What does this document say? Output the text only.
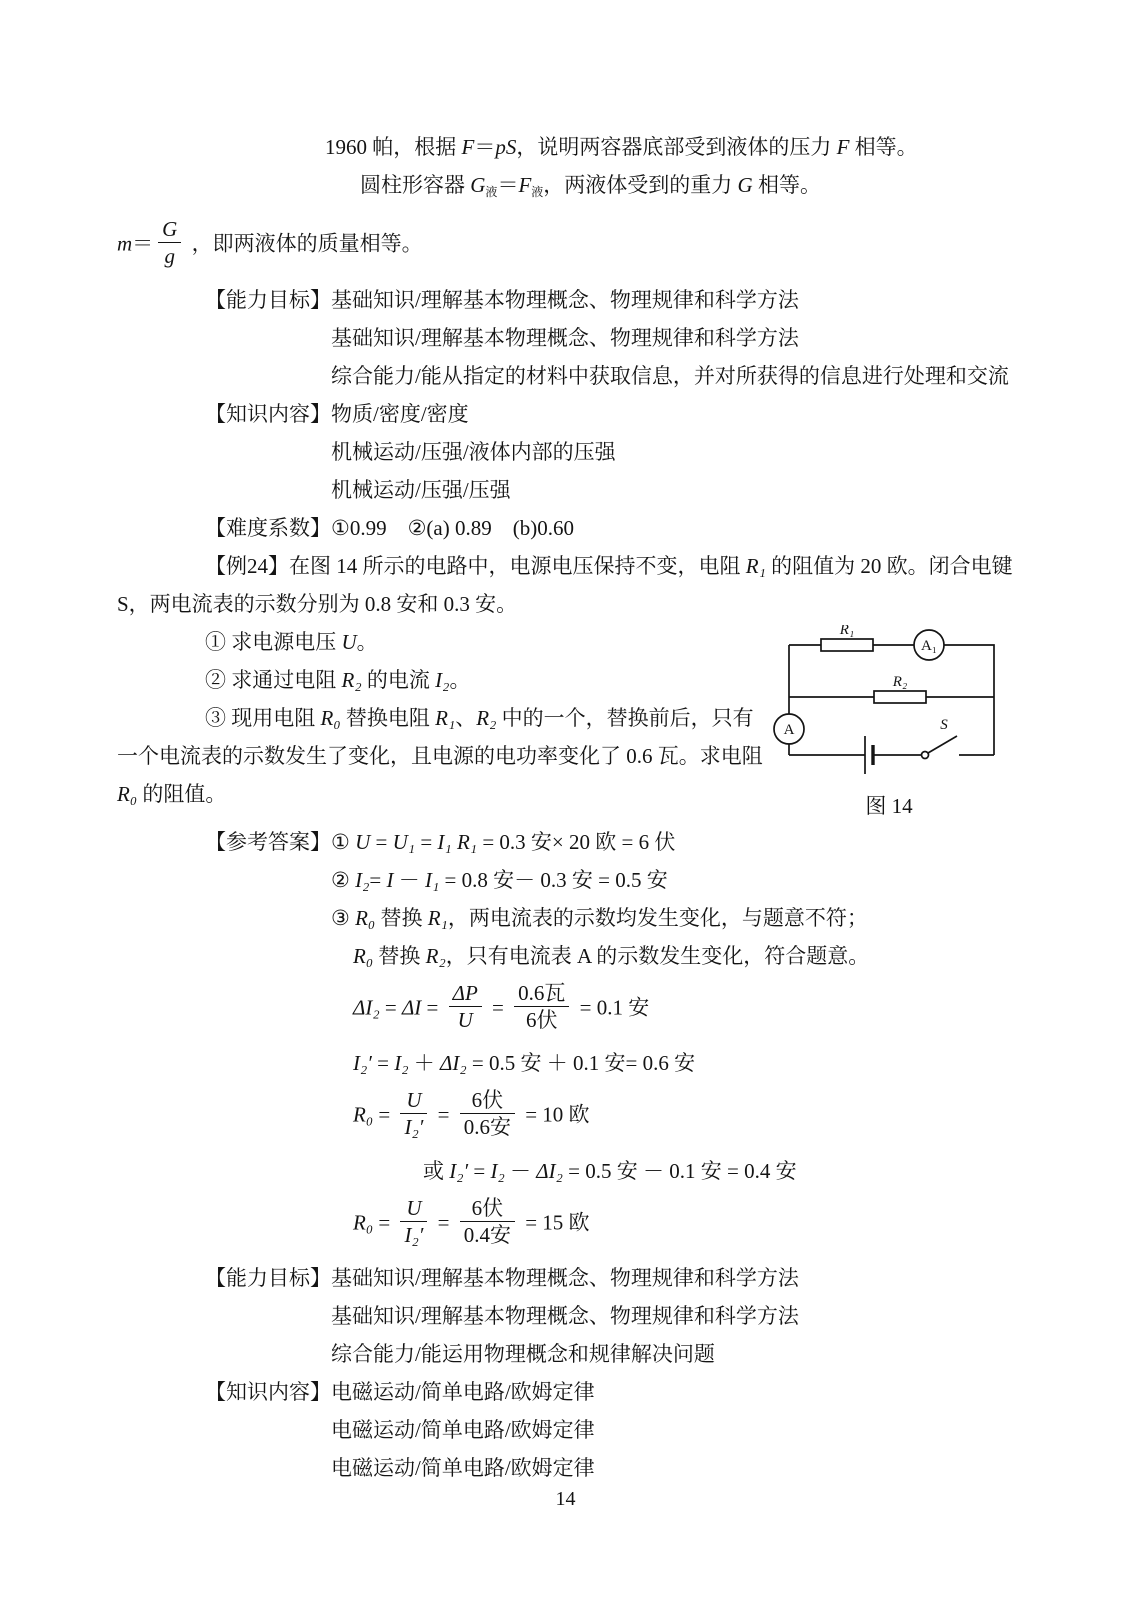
1960 帕，根据 F＝pS，说明两容器底部受到液体的压力 F 相等。

圆柱形容器 G液＝F液，两液体受到的重力 G 相等。

$m= \frac{G}{g}$ ，即两液体的质量相等。

【能力目标】 基础知识/理解基本物理概念、物理规律和科学方法
基础知识/理解基本物理概念、物理规律和科学方法
综合能力/能从指定的材料中获取信息，并对所获得的信息进行处理和交流
【知识内容】 物质/密度/密度
机械运动/压强/液体内部的压强
机械运动/压强/压强
【难度系数】 ①0.99　②(a) 0.89　(b)0.60

【例24】在图 14 所示的电路中，电源电压保持不变，电阻 R₁ 的阻值为 20 欧。闭合电键 S，两电流表的示数分别为 0.8 安和 0.3 安。

① 求电源电压 U。

② 求通过电阻 R₂ 的电流 I₂。

③ 现用电阻 R₀ 替换电阻 R₁、R₂ 中的一个，替换前后，只有一个电流表的示数发生了变化，且电源的电功率变化了 0.6 瓦。求电阻 R₀ 的阻值。

R₁
R₂
A₁
A	S
图 14
【参考答案】 ① U = U₁ = I₁ R₁ = 0.3 安× 20 欧 = 6 伏
② I₂= I － I₁ = 0.8 安－ 0.3 安 = 0.5 安
③ R₀ 替换 R₁，两电流表的示数均发生变化，与题意不符；
R₀ 替换 R₂，只有电流表 A 的示数发生变化，符合题意。
$\Delta I_2 = \Delta I = \frac{\Delta P}{U} = \frac{\text{0.6瓦}}{\text{6伏}} = 0.1$ 安
I₂′ = I₂ ＋ ΔI₂ = 0.5 安 ＋ 0.1 安= 0.6 安
$R_0 = \frac{U}{\text{I₂′}} = \frac{\text{6伏}}{\text{0.6安}} = 10$ 欧
或 I₂′ = I₂ － ΔI₂ = 0.5 安 － 0.1 安 = 0.4 安
$R_0 = \frac{U}{\text{I₂′}} = \frac{\text{6伏}}{\text{0.4安}} = 15$ 欧
【能力目标】 基础知识/理解基本物理概念、物理规律和科学方法
基础知识/理解基本物理概念、物理规律和科学方法
综合能力/能运用物理概念和规律解决问题
【知识内容】 电磁运动/简单电路/欧姆定律
电磁运动/简单电路/欧姆定律
电磁运动/简单电路/欧姆定律
14
